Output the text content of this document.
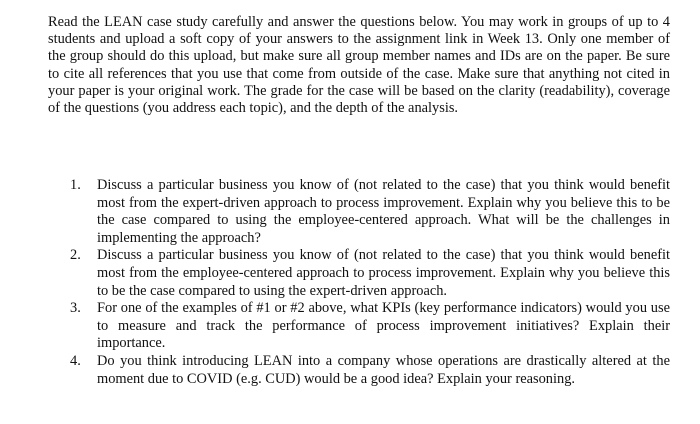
Read the LEAN case study carefully and answer the questions below. You may work in groups of up to 4 students and upload a soft copy of your answers to the assignment link in Week 13. Only one member of the group should do this upload, but make sure all group member names and IDs are on the paper. Be sure to cite all references that you use that come from outside of the case. Make sure that anything not cited in your paper is your original work. The grade for the case will be based on the clarity (readability), coverage of the questions (you address each topic), and the depth of the analysis.

1.	Discuss a particular business you know of (not related to the case) that you think would benefit most from the expert-driven approach to process improvement. Explain why you believe this to be the case compared to using the employee-centered approach. What will be the challenges in implementing the approach?
2.	Discuss a particular business you know of (not related to the case) that you think would benefit most from the employee-centered approach to process improvement. Explain why you believe this to be the case compared to using the expert-driven approach.
3.	For one of the examples of #1 or #2 above, what KPIs (key performance indicators) would you use to measure and track the performance of process improvement initiatives? Explain their importance.
4.	Do you think introducing LEAN into a company whose operations are drastically altered at the moment due to COVID (e.g. CUD) would be a good idea? Explain your reasoning.
